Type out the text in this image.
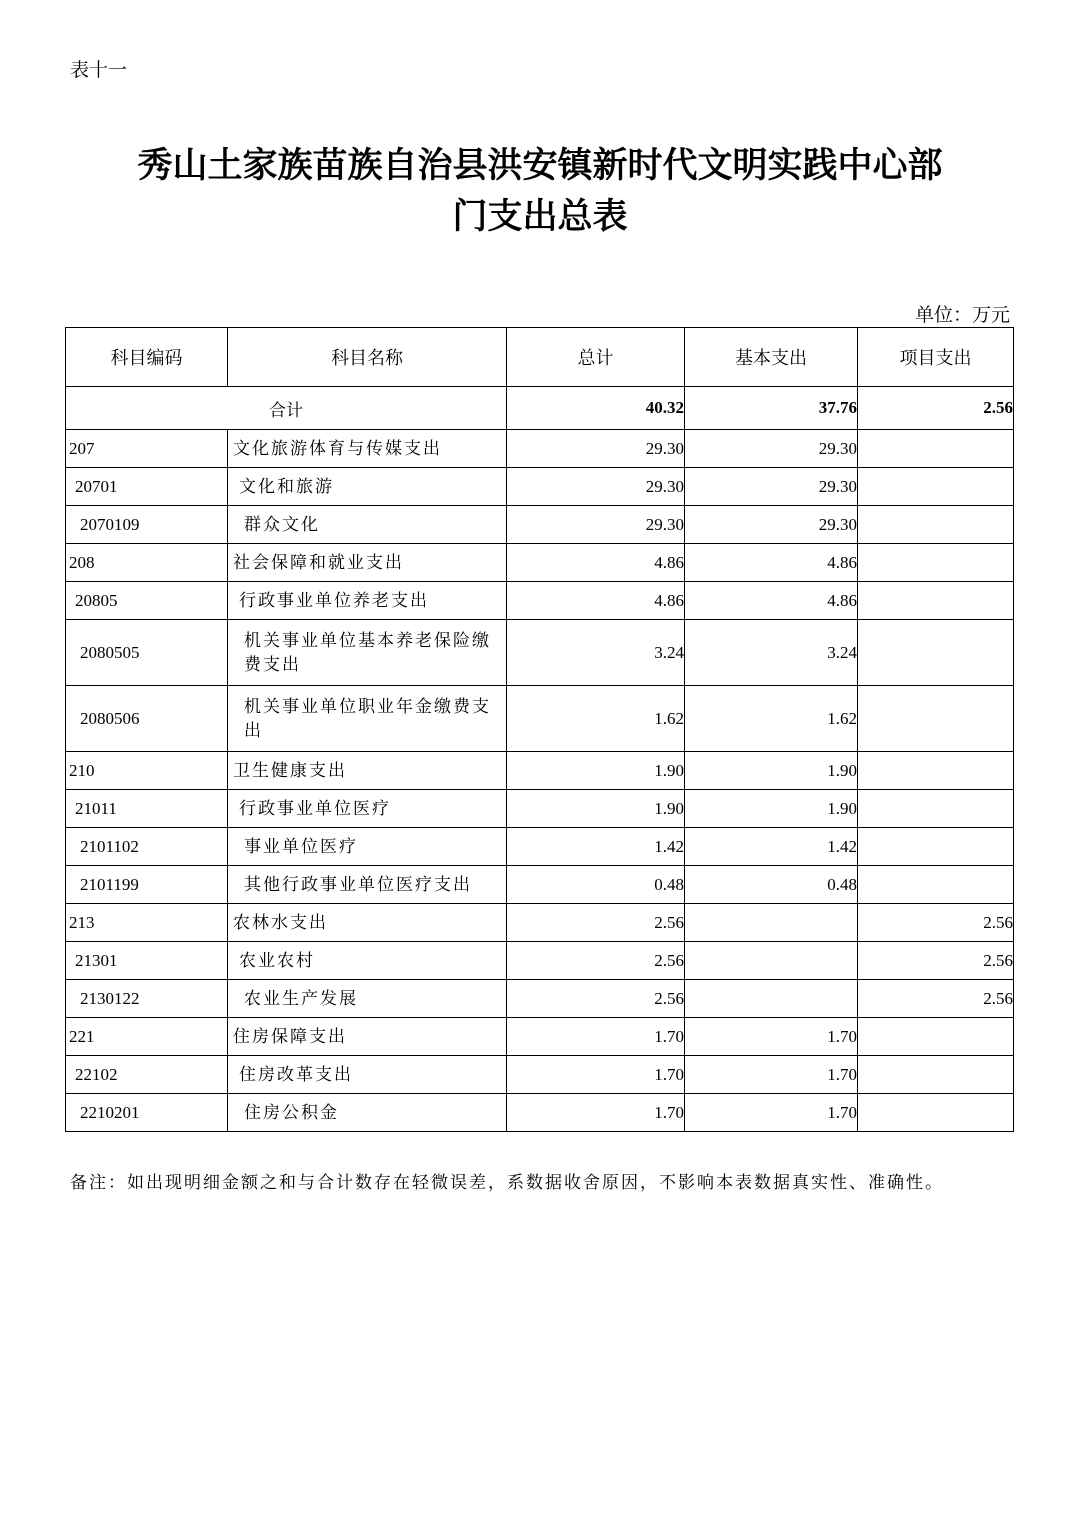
表十一
秀山土家族苗族自治县洪安镇新时代文明实践中心部
门支出总表
单位：万元
科目编码	科目名称	总计	基本支出	项目支出
合计		40.32	37.76	2.56
207	文化旅游体育与传媒支出	29.30	29.30	
20701	文化和旅游	29.30	29.30	
2070109	群众文化	29.30	29.30	
208	社会保障和就业支出	4.86	4.86	
20805	行政事业单位养老支出	4.86	4.86	
2080505	机关事业单位基本养老保险缴费支出	3.24	3.24	
2080506	机关事业单位职业年金缴费支出	1.62	1.62	
210	卫生健康支出	1.90	1.90	
21011	行政事业单位医疗	1.90	1.90	
2101102	事业单位医疗	1.42	1.42	
2101199	其他行政事业单位医疗支出	0.48	0.48	
213	农林水支出	2.56		2.56
21301	农业农村	2.56		2.56
2130122	农业生产发展	2.56		2.56
221	住房保障支出	1.70	1.70	
22102	住房改革支出	1.70	1.70	
2210201	住房公积金	1.70	1.70	
备注：如出现明细金额之和与合计数存在轻微误差，系数据收舍原因，不影响本表数据真实性、准确性。
